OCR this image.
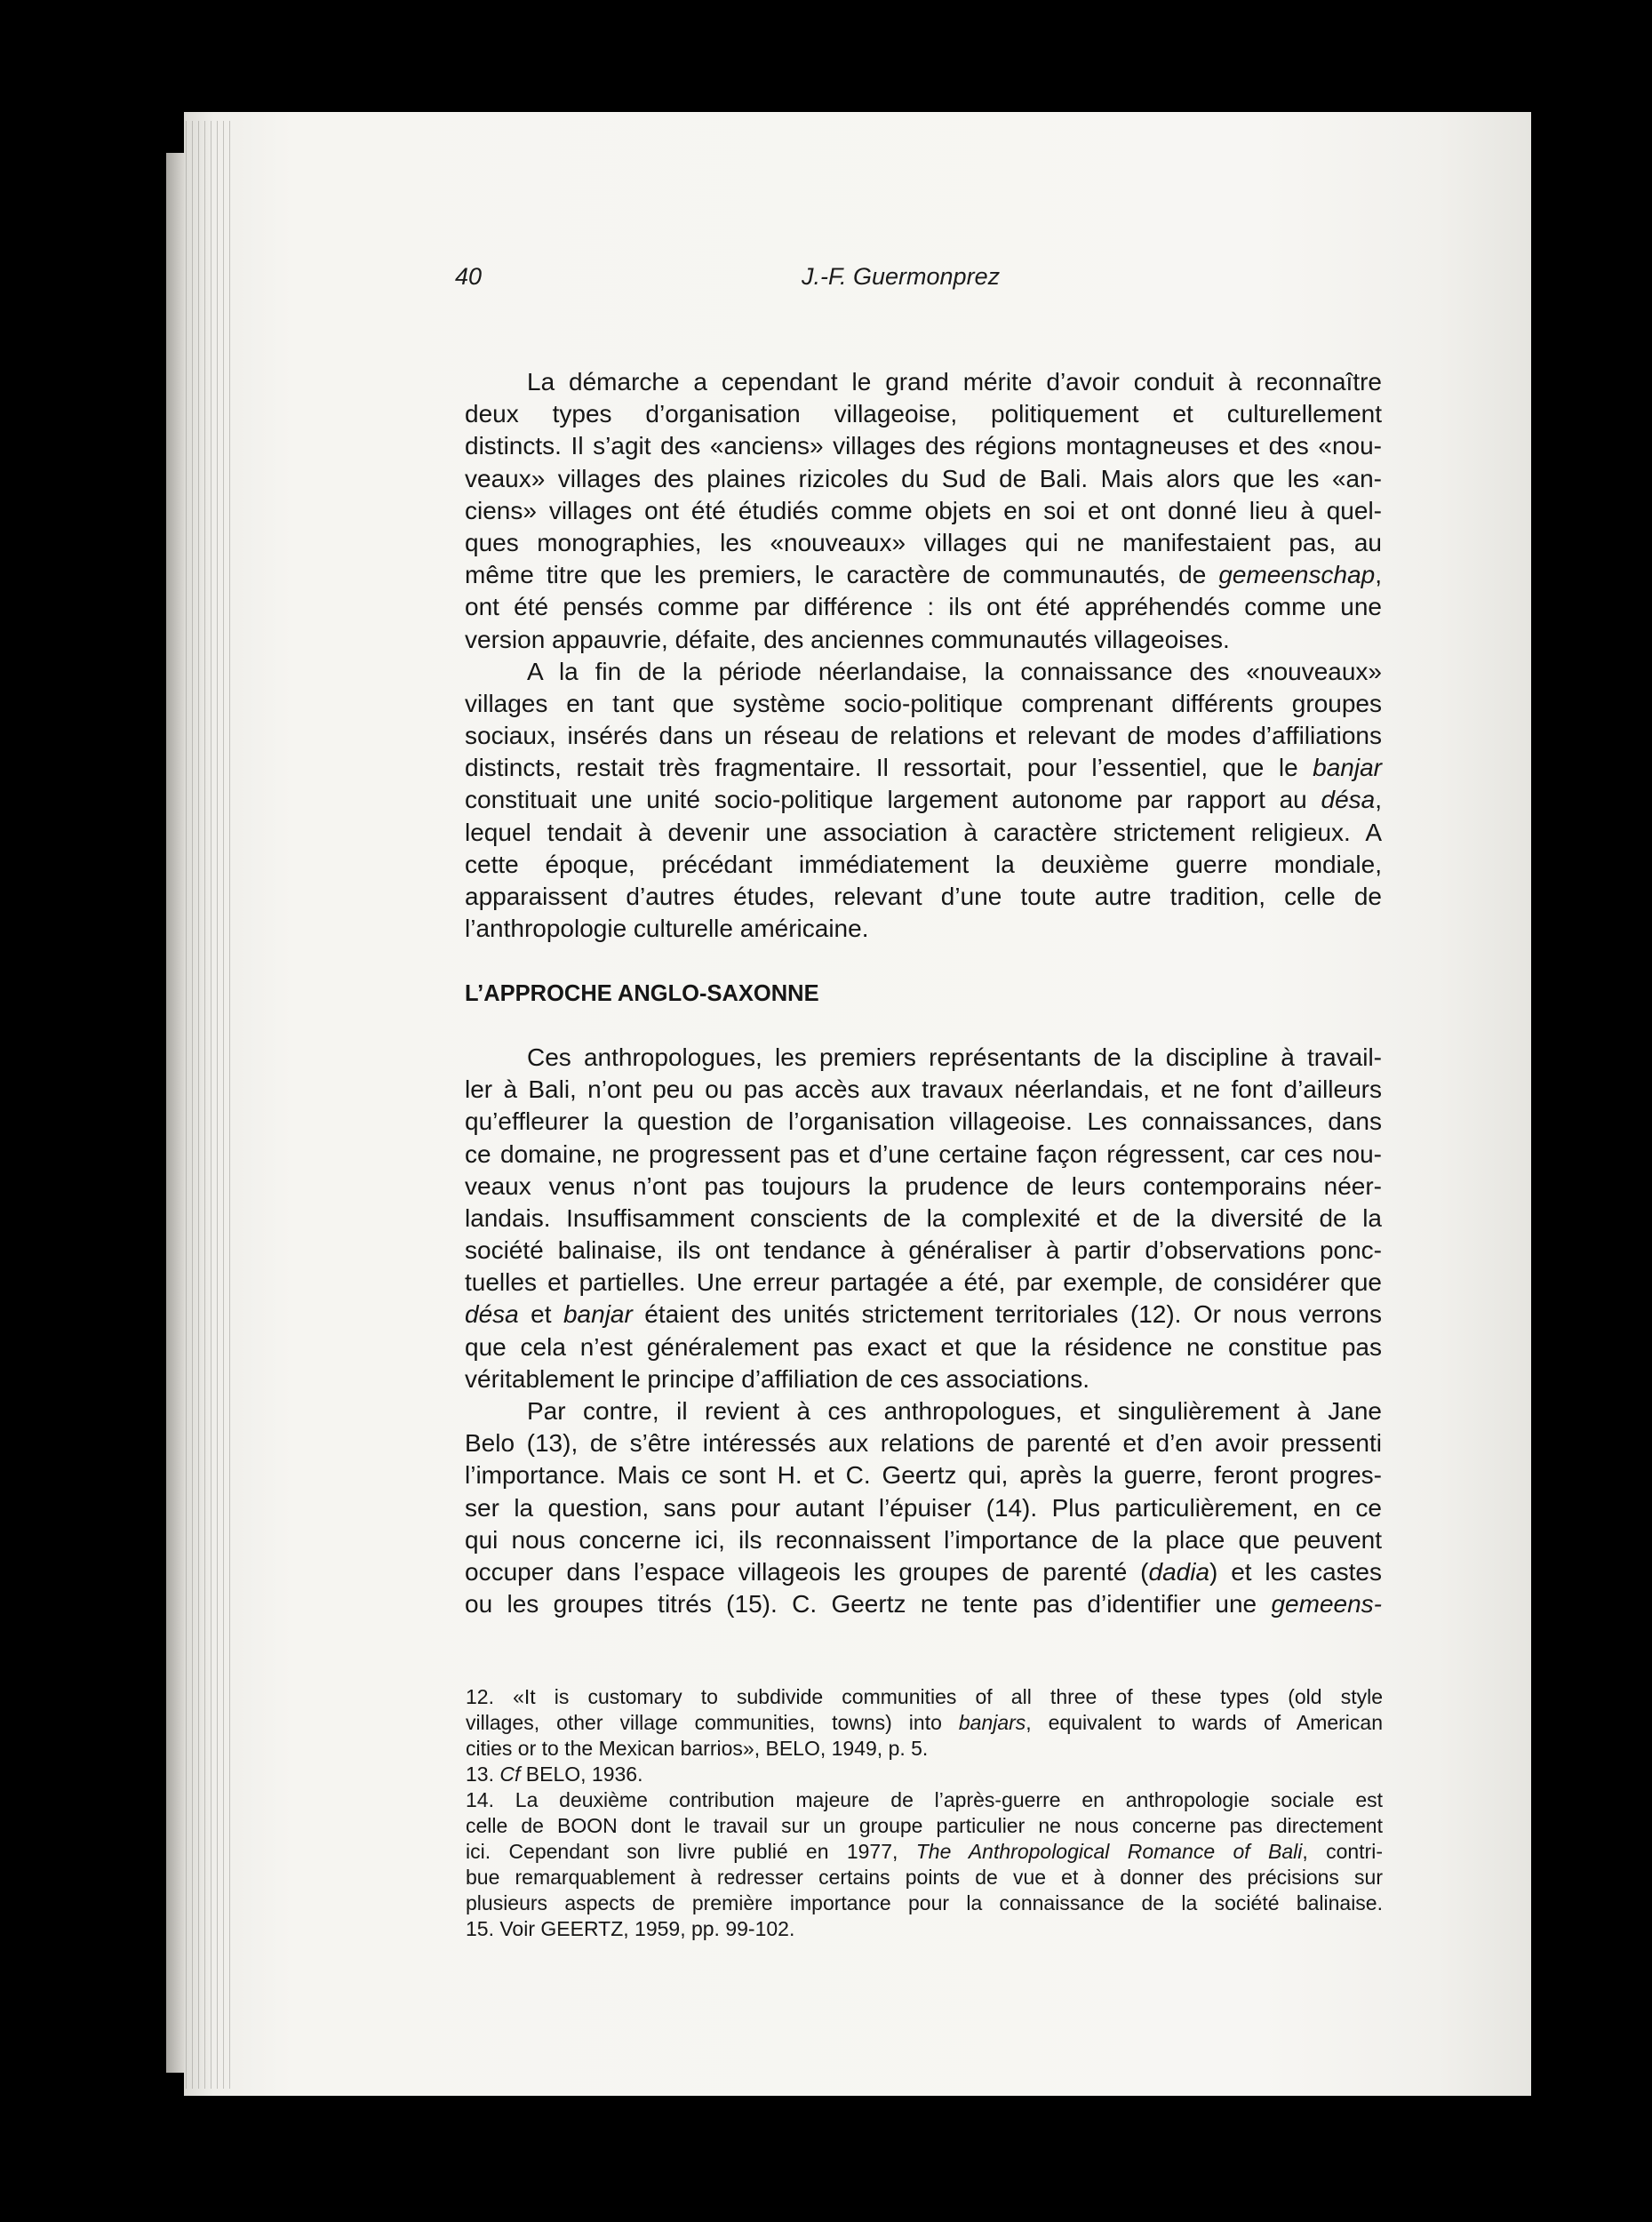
40	J.-F. Guermonprez
La démarche a cependant le grand mérite d’avoir conduit à reconnaître
deux types d’organisation villageoise, politiquement et culturellement
distincts. Il s’agit des «anciens» villages des régions montagneuses et des «nou-
veaux» villages des plaines rizicoles du Sud de Bali. Mais alors que les «an-
ciens» villages ont été étudiés comme objets en soi et ont donné lieu à quel-
ques monographies, les «nouveaux» villages qui ne manifestaient pas, au
même titre que les premiers, le caractère de communautés, de gemeenschap,
ont été pensés comme par différence : ils ont été appréhendés comme une
version appauvrie, défaite, des anciennes communautés villageoises.
A la fin de la période néerlandaise, la connaissance des «nouveaux»
villages en tant que système socio-politique comprenant différents groupes
sociaux, insérés dans un réseau de relations et relevant de modes d’affiliations
distincts, restait très fragmentaire. Il ressortait, pour l’essentiel, que le banjar
constituait une unité socio-politique largement autonome par rapport au désa,
lequel tendait à devenir une association à caractère strictement religieux. A
cette époque, précédant immédiatement la deuxième guerre mondiale,
apparaissent d’autres études, relevant d’une toute autre tradition, celle de
l’anthropologie culturelle américaine.
L’APPROCHE ANGLO-SAXONNE
Ces anthropologues, les premiers représentants de la discipline à travail-
ler à Bali, n’ont peu ou pas accès aux travaux néerlandais, et ne font d’ailleurs
qu’effleurer la question de l’organisation villageoise. Les connaissances, dans
ce domaine, ne progressent pas et d’une certaine façon régressent, car ces nou-
veaux venus n’ont pas toujours la prudence de leurs contemporains néer-
landais. Insuffisamment conscients de la complexité et de la diversité de la
société balinaise, ils ont tendance à généraliser à partir d’observations ponc-
tuelles et partielles. Une erreur partagée a été, par exemple, de considérer que
désa et banjar étaient des unités strictement territoriales (12). Or nous verrons
que cela n’est généralement pas exact et que la résidence ne constitue pas
véritablement le principe d’affiliation de ces associations.
Par contre, il revient à ces anthropologues, et singulièrement à Jane
Belo (13), de s’être intéressés aux relations de parenté et d’en avoir pressenti
l’importance. Mais ce sont H. et C. Geertz qui, après la guerre, feront progres-
ser la question, sans pour autant l’épuiser (14). Plus particulièrement, en ce
qui nous concerne ici, ils reconnaissent l’importance de la place que peuvent
occuper dans l’espace villageois les groupes de parenté (dadia) et les castes
ou les groupes titrés (15). C. Geertz ne tente pas d’identifier une gemeens-
12. «It is customary to subdivide communities of all three of these types (old style
villages, other village communities, towns) into banjars, equivalent to wards of American
cities or to the Mexican barrios», BELO, 1949, p. 5.
13. Cf BELO, 1936.
14. La deuxième contribution majeure de l’après-guerre en anthropologie sociale est
celle de BOON dont le travail sur un groupe particulier ne nous concerne pas directement
ici. Cependant son livre publié en 1977, The Anthropological Romance of Bali, contri-
bue remarquablement à redresser certains points de vue et à donner des précisions sur
plusieurs aspects de première importance pour la connaissance de la société balinaise.
15. Voir GEERTZ, 1959, pp. 99-102.
